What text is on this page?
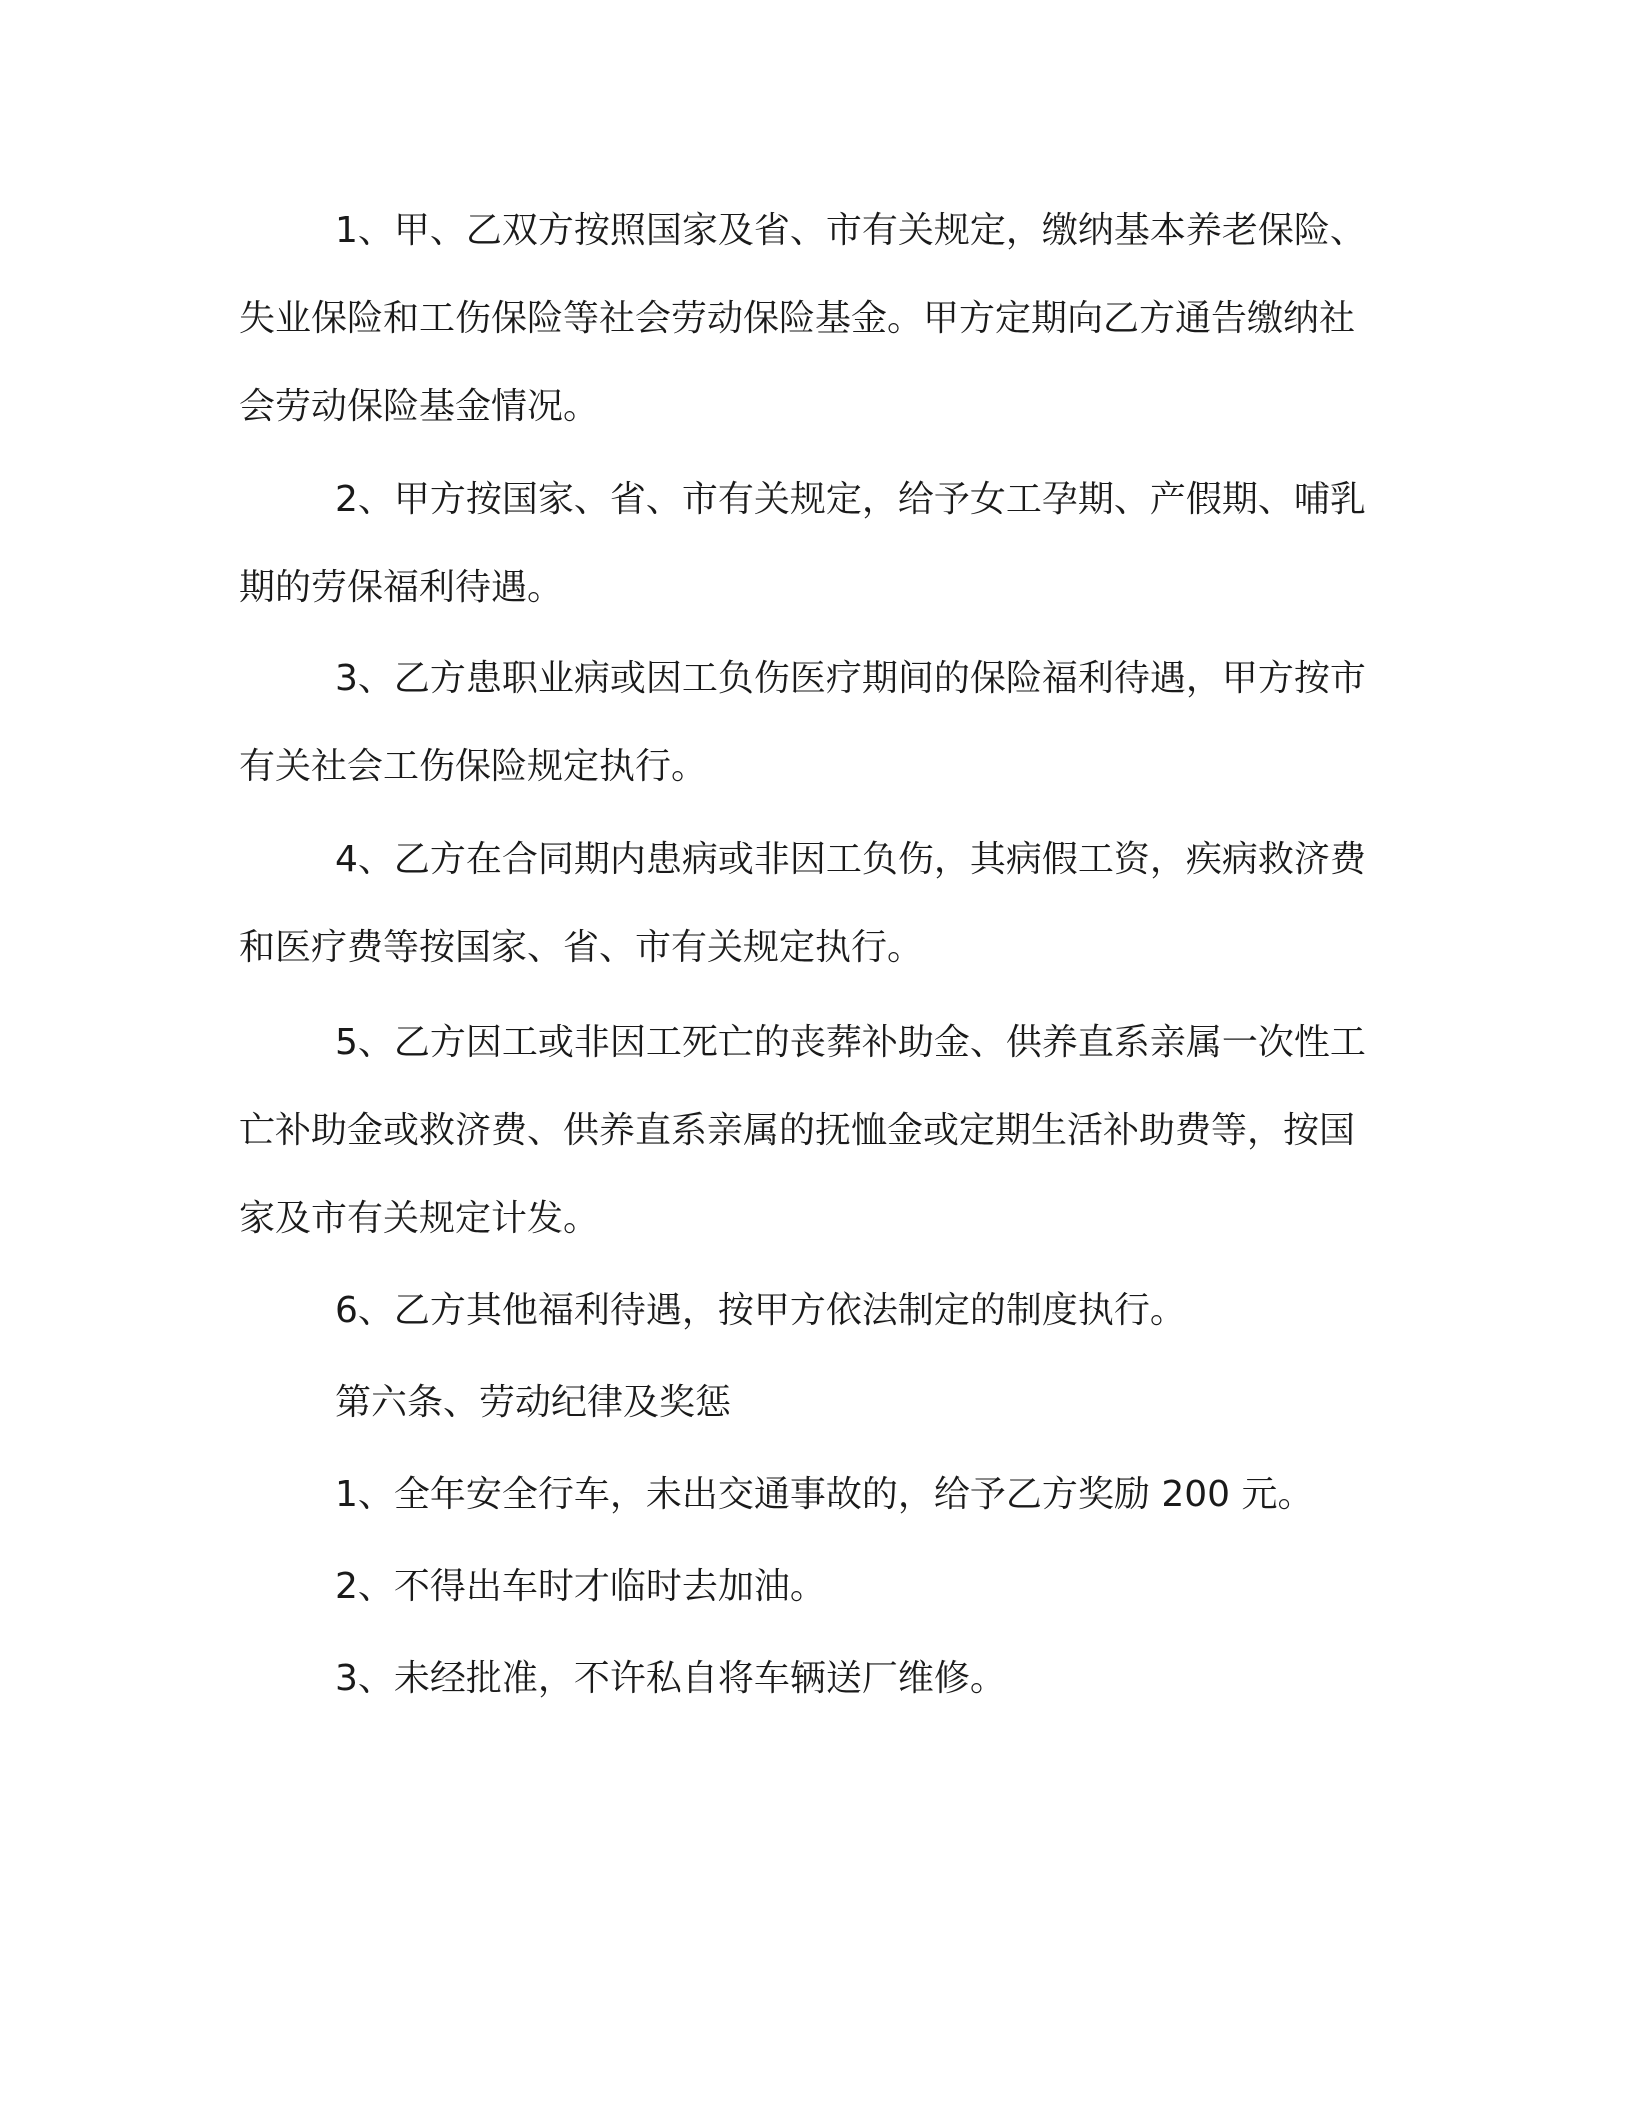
1、甲、乙双方按照国家及省、市有关规定，缴纳基本养老保险、失业保险和工伤保险等社会劳动保险基金。甲方定期向乙方通告缴纳社会劳动保险基金情况。

2、甲方按国家、省、市有关规定，给予女工孕期、产假期、哺乳期的劳保福利待遇。

3、乙方患职业病或因工负伤医疗期间的保险福利待遇，甲方按市有关社会工伤保险规定执行。

4、乙方在合同期内患病或非因工负伤，其病假工资，疾病救济费和医疗费等按国家、省、市有关规定执行。

5、乙方因工或非因工死亡的丧葬补助金、供养直系亲属一次性工亡补助金或救济费、供养直系亲属的抚恤金或定期生活补助费等，按国家及市有关规定计发。

6、乙方其他福利待遇，按甲方依法制定的制度执行。

第六条、劳动纪律及奖惩

1、全年安全行车，未出交通事故的，给予乙方奖励 200 元。

2、不得出车时才临时去加油。

3、未经批准，不许私自将车辆送厂维修。
